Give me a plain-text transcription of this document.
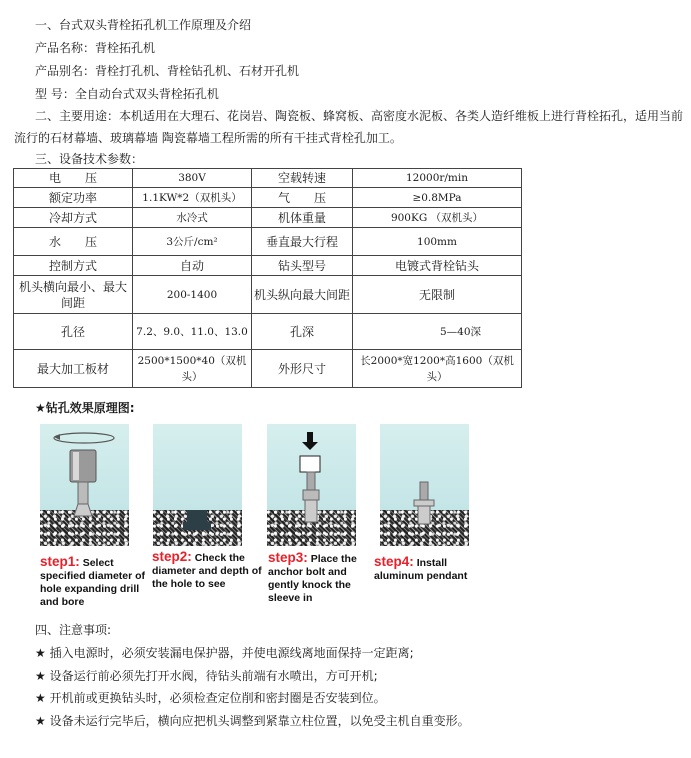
一、台式双头背栓拓孔机工作原理及介绍
产品名称：背栓拓孔机
产品别名：背栓打孔机、背栓钻孔机、石材开孔机
型 号：全自动台式双头背栓拓孔机
二、主要用途：本机适用在大理石、花岗岩、陶瓷板、蜂窝板、高密度水泥板、各类人造纤维板上进行背栓拓孔，适用当前流行的石材幕墙、玻璃幕墙 陶瓷幕墙工程所需的所有干挂式背栓孔加工。
三、设备技术参数：
电　　压	380V	空载转速	12000r/min
额定功率	1.1KW*2（双机头）	气　　压	≥0.8MPa
冷却方式	水冷式	机体重量	900KG （双机头）
水　　压	3公斤/cm²	垂直最大行程	100mm
控制方式	自动	钻头型号	电镀式背栓钻头
机头横向最小、最大间距	200-1400	机头纵向最大间距	无限制
孔径	7.2、9.0、11.0、13.0	孔深	5—40深
最大加工板材	2500*1500*40（双机头）	外形尺寸	长2000*宽1200*高1600（双机头）
★钻孔效果原理图:
step1: Select specified diameter of hole expanding drill and bore
step2: Check the diameter and depth of the hole to see
step3: Place the anchor bolt and gently knock the sleeve in
step4: Install aluminum pendant
四、注意事项:
★ 插入电源时，必须安装漏电保护器，并使电源线离地面保持一定距离;
★ 设备运行前必须先打开水阀，待钻头前端有水喷出，方可开机;
★ 开机前或更换钻头时，必须检查定位削和密封圈是否安装到位。
★ 设备未运行完毕后，横向应把机头调整到紧靠立柱位置，以免受主机自重变形。
